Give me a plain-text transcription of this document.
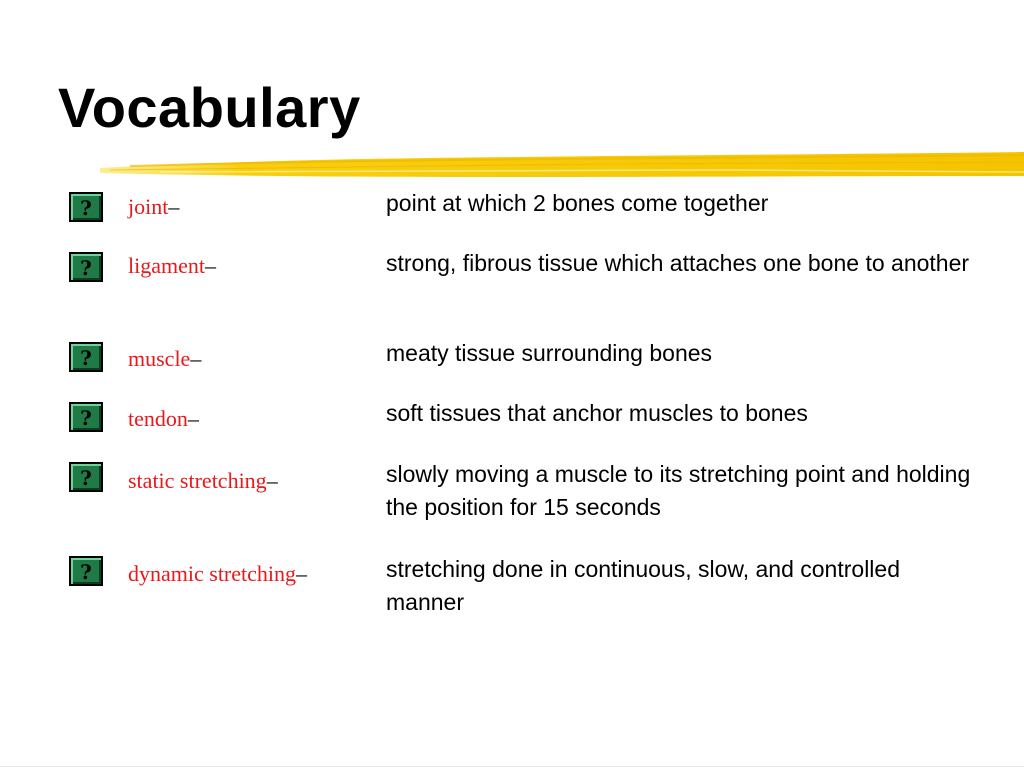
Vocabulary
?	joint–	point at which 2 bones come together
?	ligament–	strong, fibrous tissue which attaches one bone to another
?	muscle–	meaty tissue surrounding bones
?	tendon–	soft tissues that anchor muscles to bones
?	static stretching–	slowly moving a muscle to its stretching point and holding the position for 15 seconds
?	dynamic stretching–	stretching done in continuous, slow, and controlled manner
